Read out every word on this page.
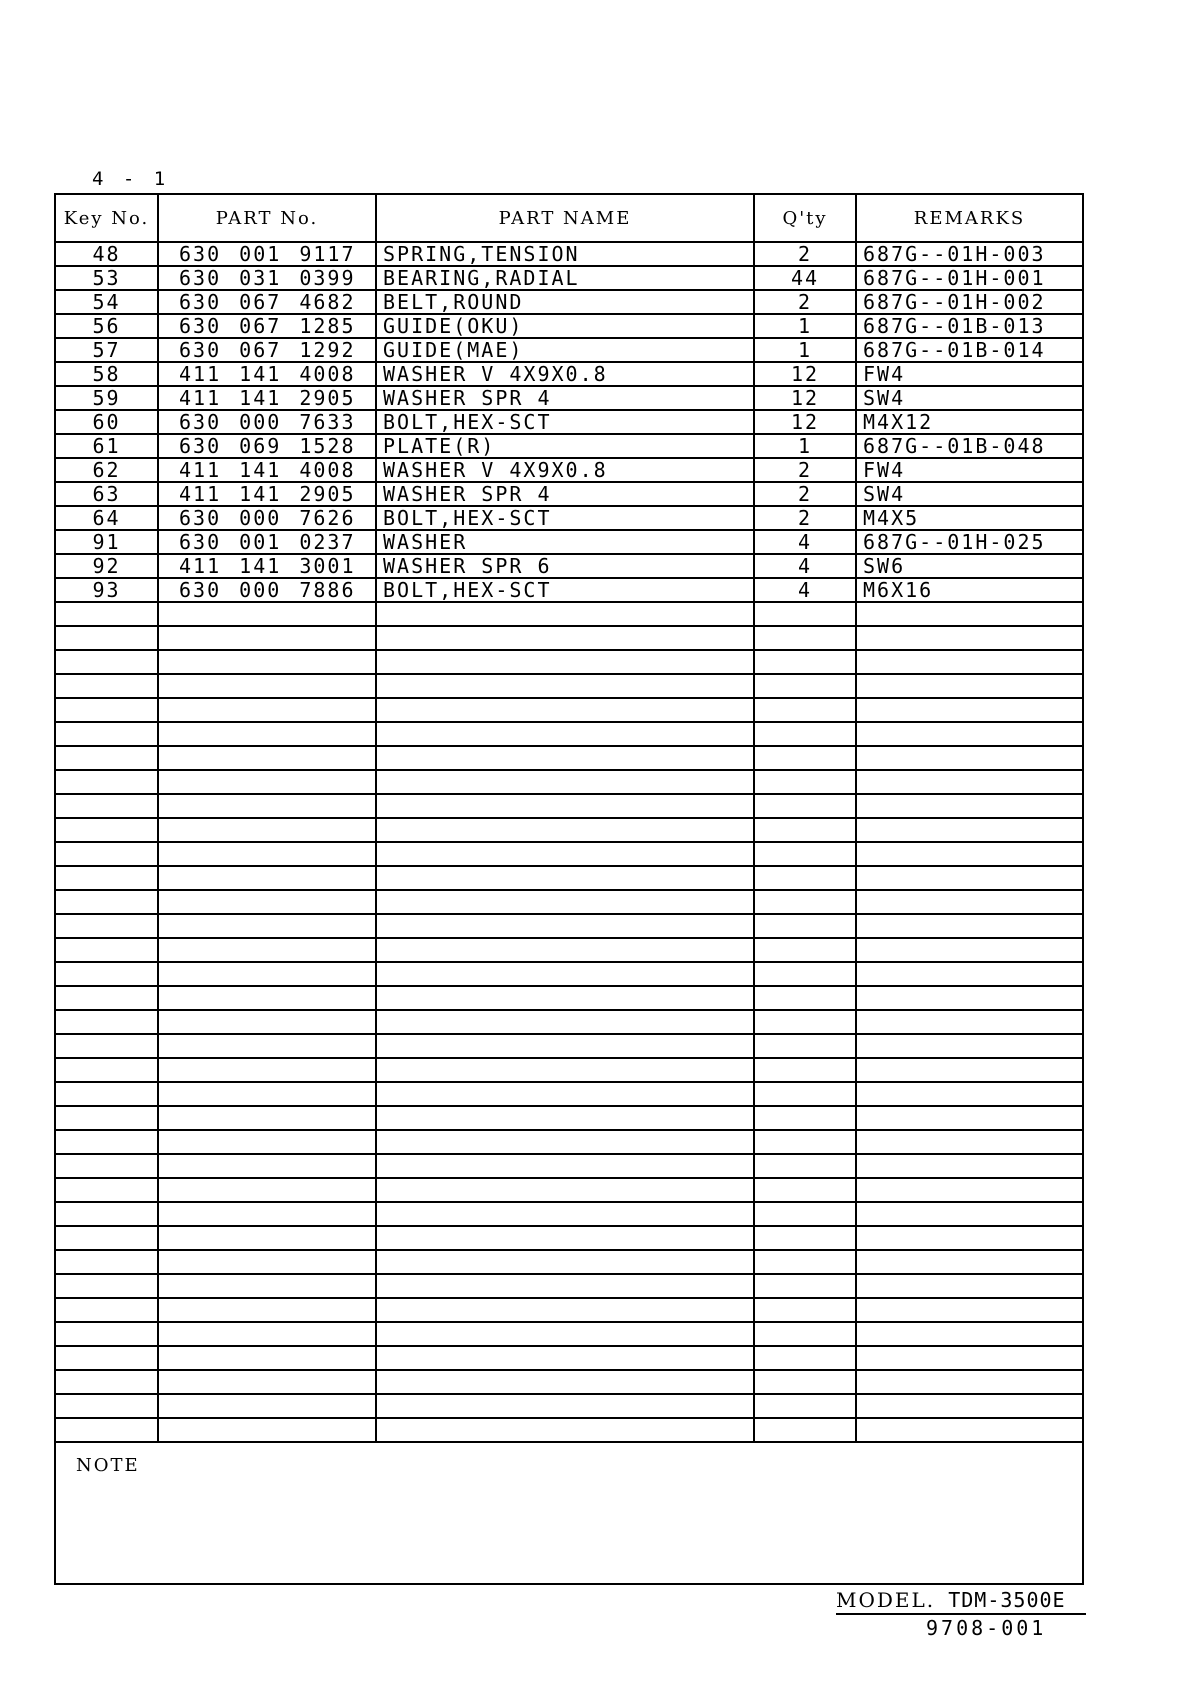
4 - 1
Key No.	PART No.	PART NAME	Q'ty	REMARKS
48	630 001 9117	SPRING,TENSION	2	687G--01H-003
53	630 031 0399	BEARING,RADIAL	44	687G--01H-001
54	630 067 4682	BELT,ROUND	2	687G--01H-002
56	630 067 1285	GUIDE(OKU)	1	687G--01B-013
57	630 067 1292	GUIDE(MAE)	1	687G--01B-014
58	411 141 4008	WASHER V 4X9X0.8	12	FW4
59	411 141 2905	WASHER SPR 4	12	SW4
60	630 000 7633	BOLT,HEX-SCT	12	M4X12
61	630 069 1528	PLATE(R)	1	687G--01B-048
62	411 141 4008	WASHER V 4X9X0.8	2	FW4
63	411 141 2905	WASHER SPR 4	2	SW4
64	630 000 7626	BOLT,HEX-SCT	2	M4X5
91	630 001 0237	WASHER	4	687G--01H-025
92	411 141 3001	WASHER SPR 6	4	SW6
93	630 000 7886	BOLT,HEX-SCT	4	M6X16

NOTE
MODEL. TDM-3500E
9708-001
